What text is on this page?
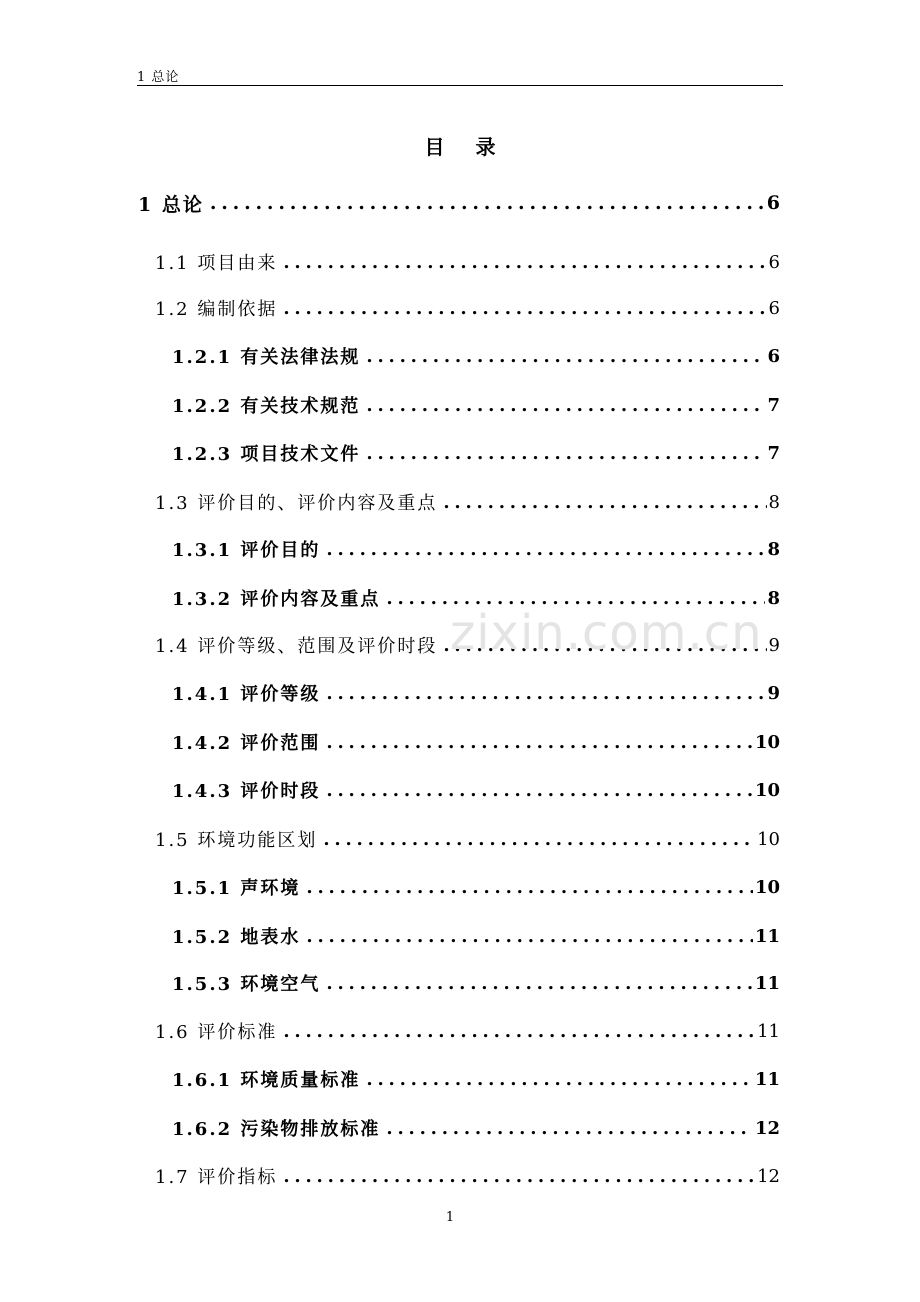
1 总论
目 录
1 总论 .....	6
1.1 项目由来 .....	6
1.2 编制依据 .....	6
1.2.1 有关法律法规 .....	6
1.2.2 有关技术规范 .....	7
1.2.3 项目技术文件 .....	7
1.3 评价目的、评价内容及重点 .....	8
1.3.1 评价目的 .....	8
1.3.2 评价内容及重点 .....	8
1.4 评价等级、范围及评价时段 .....	9
1.4.1 评价等级 .....	9
1.4.2 评价范围 .....	10
1.4.3 评价时段 .....	10
1.5 环境功能区划 .....	10
1.5.1 声环境 .....	10
1.5.2 地表水 .....	11
1.5.3 环境空气 .....	11
1.6 评价标准 .....	11
1.6.1 环境质量标准 .....	11
1.6.2 污染物排放标准 .....	12
1.7 评价指标 .....	12
zixin.com.cn
1
